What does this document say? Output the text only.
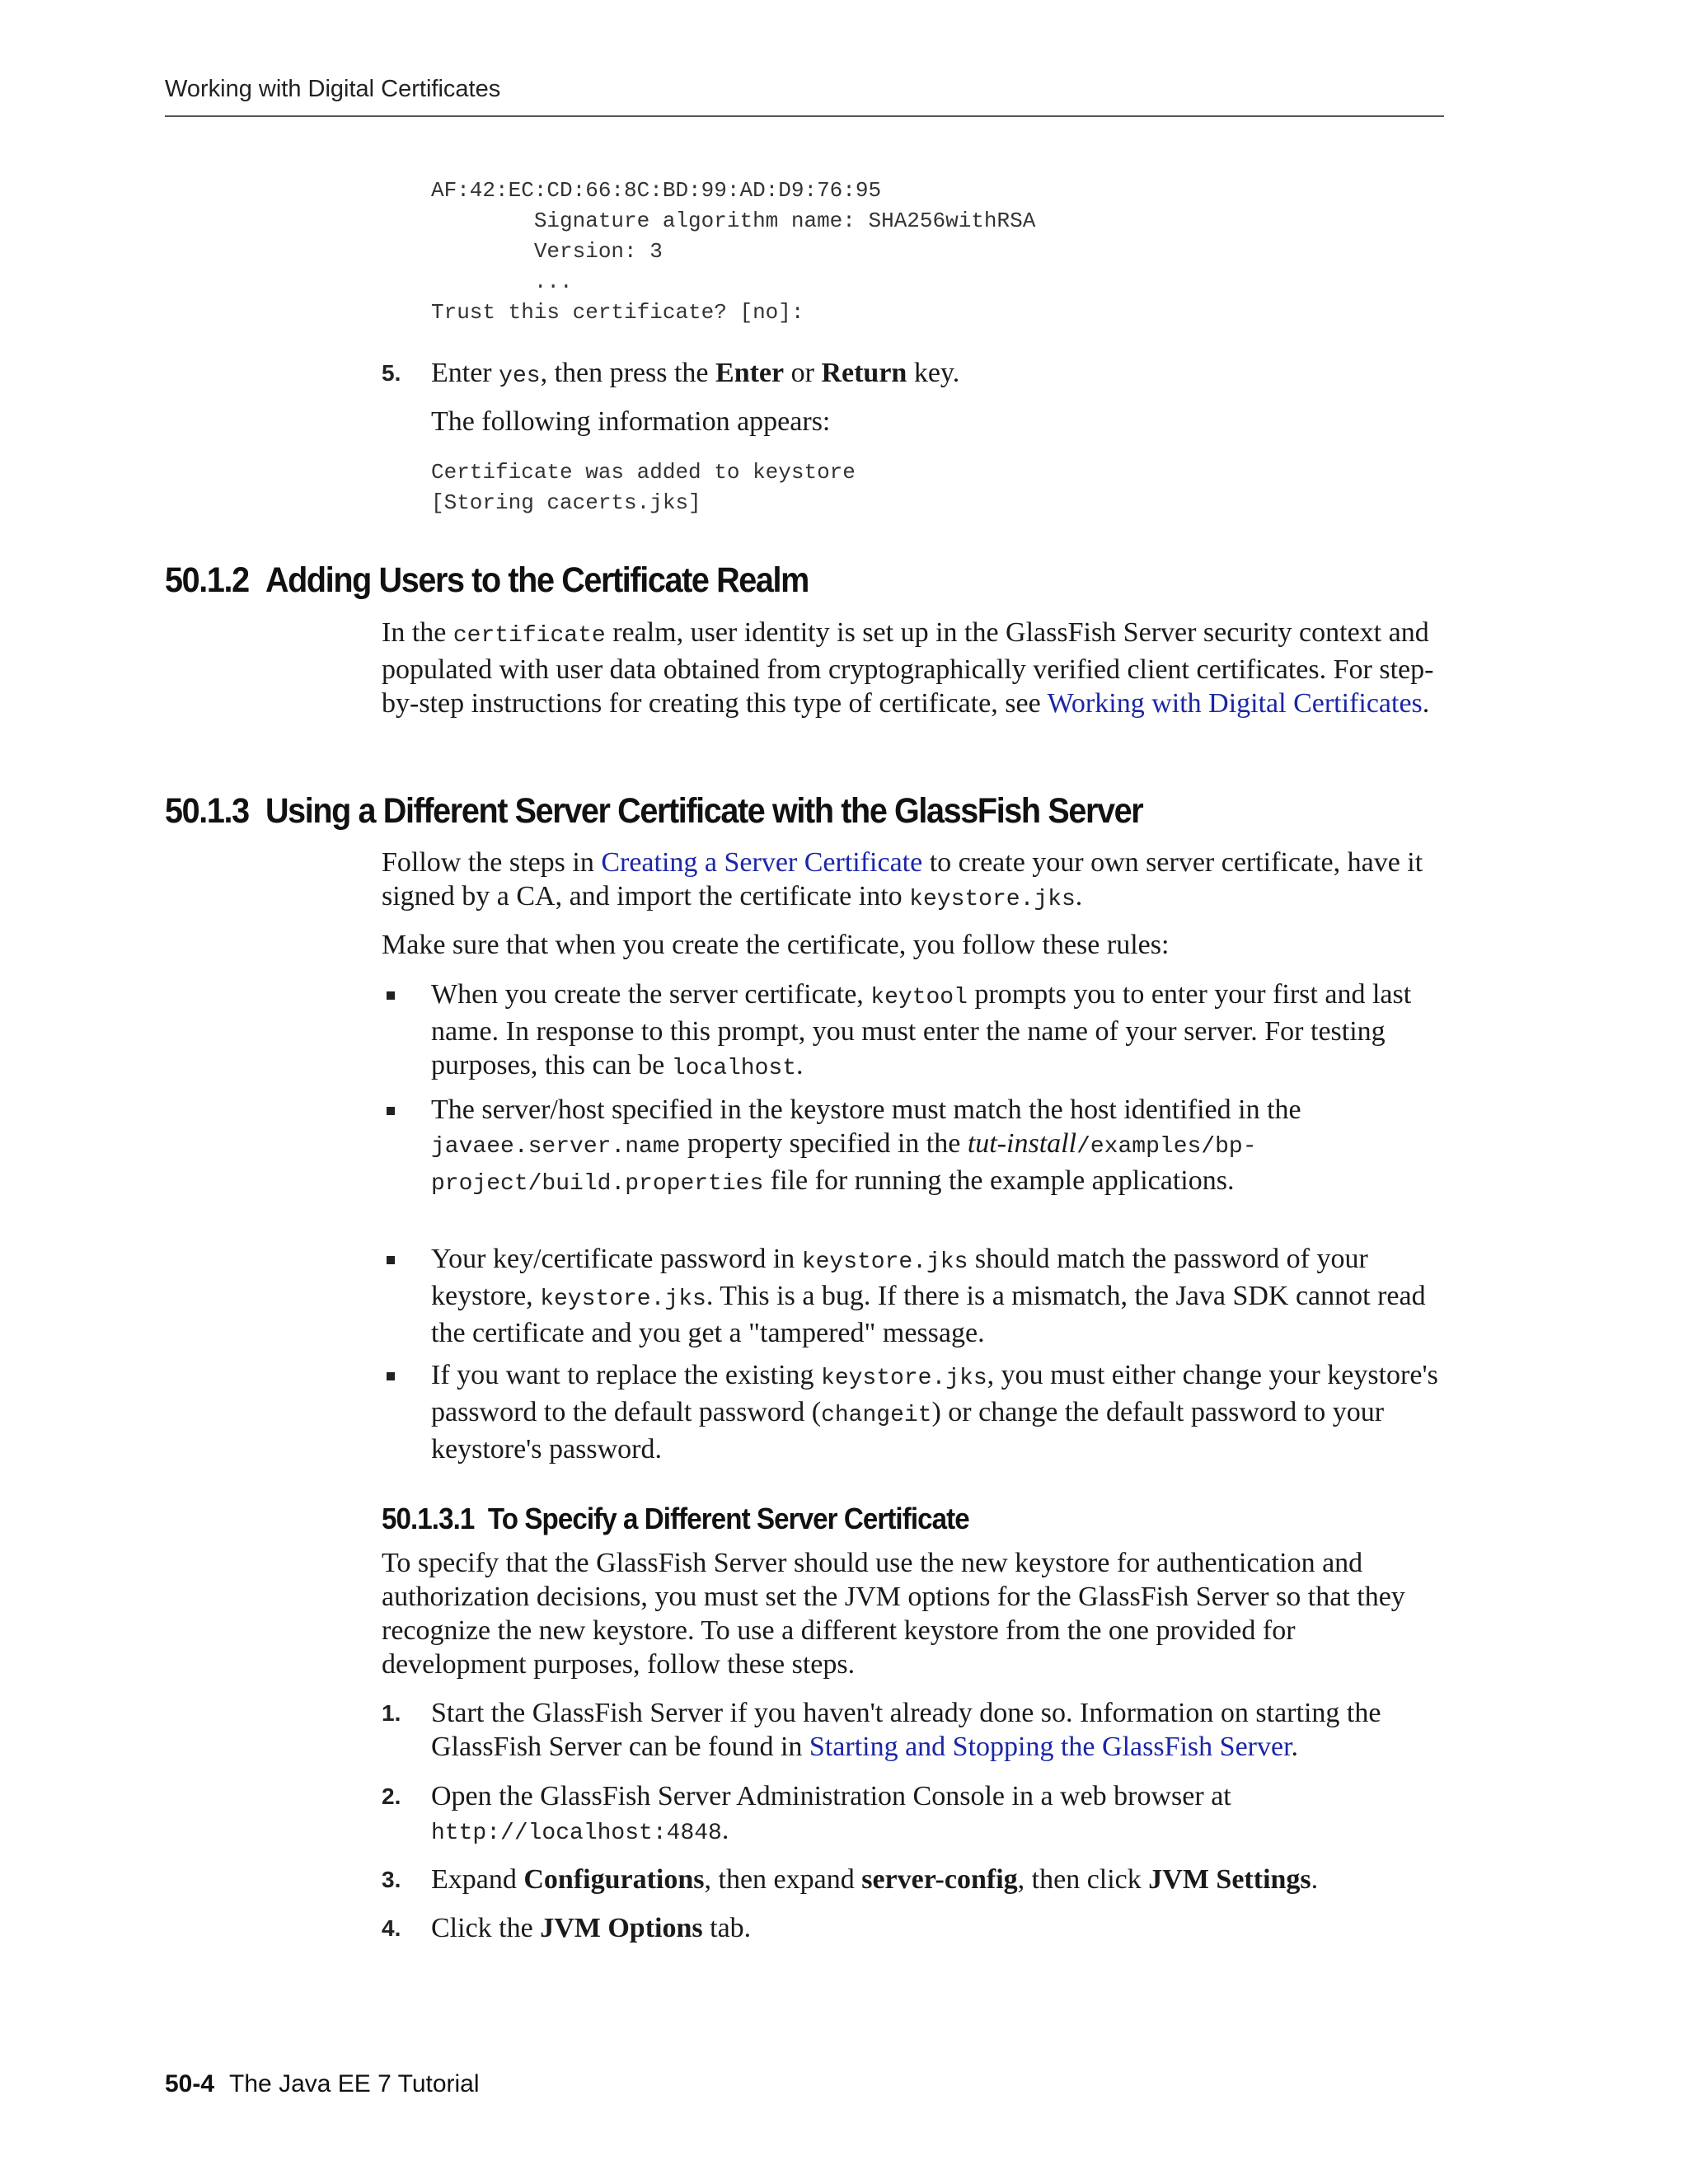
Working with Digital Certificates
AF:42:EC:CD:66:8C:BD:99:AD:D9:76:95
Signature algorithm name: SHA256withRSA
Version: 3
...
Trust this certificate? [no]:
5. Enter yes, then press the Enter or Return key.

The following information appears:

Certificate was added to keystore
[Storing cacerts.jks]
50.1.2 Adding Users to the Certificate Realm

In the certificate realm, user identity is set up in the GlassFish Server security context and populated with user data obtained from cryptographically verified client certificates. For step-by-step instructions for creating this type of certificate, see Working with Digital Certificates.

50.1.3 Using a Different Server Certificate with the GlassFish Server

Follow the steps in Creating a Server Certificate to create your own server certificate, have it signed by a CA, and import the certificate into keystore.jks.

Make sure that when you create the certificate, you follow these rules:

When you create the server certificate, keytool prompts you to enter your first and last name. In response to this prompt, you must enter the name of your server. For testing purposes, this can be localhost.
The server/host specified in the keystore must match the host identified in the javaee.server.name property specified in the tut-install/examples/bp-project/build.properties file for running the example applications.
Your key/certificate password in keystore.jks should match the password of your keystore, keystore.jks. This is a bug. If there is a mismatch, the Java SDK cannot read the certificate and you get a "tampered" message.
If you want to replace the existing keystore.jks, you must either change your keystore's password to the default password (changeit) or change the default password to your keystore's password.
50.1.3.1 To Specify a Different Server Certificate

To specify that the GlassFish Server should use the new keystore for authentication and authorization decisions, you must set the JVM options for the GlassFish Server so that they recognize the new keystore. To use a different keystore from the one provided for development purposes, follow these steps.

1. Start the GlassFish Server if you haven't already done so. Information on starting the GlassFish Server can be found in Starting and Stopping the GlassFish Server.
2. Open the GlassFish Server Administration Console in a web browser at http://localhost:4848.
3. Expand Configurations, then expand server-config, then click JVM Settings.
4. Click the JVM Options tab.
50-4 The Java EE 7 Tutorial
